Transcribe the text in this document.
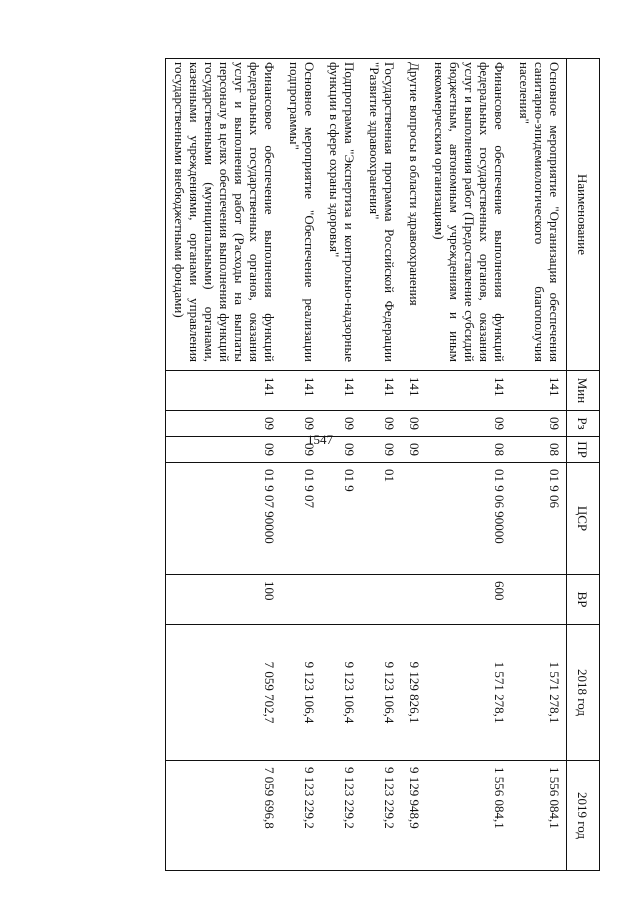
1547
Наименование	Мин	Рз	ПР	ЦСР	ВР	2018 год	2019 год
Основное мероприятие "Организация обеспечения санитарно-эпидемиологического благополучия населения"	141	09	08	01 9 06		1 571 278,1	1 556 084,1
Финансовое обеспечение выполнения функций федеральных государственных органов, оказания услуг и выполнения работ (Предоставление субсидий бюджетным, автономным учреждениям и иным некоммерческим организациям)	141	09	08	01 9 06 90000	600	1 571 278,1	1 556 084,1
Другие вопросы в области здравоохранения	141	09	09			9 129 826,1	9 129 948,9
Государственная программа Российской Федерации "Развитие здравоохранения"	141	09	09	01		9 123 106,4	9 123 229,2
Подпрограмма "Экспертиза и контрольно-надзорные функции в сфере охраны здоровья"	141	09	09	01 9		9 123 106,4	9 123 229,2
Основное мероприятие "Обеспечение реализации подпрограммы"	141	09	09	01 9 07		9 123 106,4	9 123 229,2
Финансовое обеспечение выполнения функций федеральных государственных органов, оказания услуг и выполнения работ (Расходы на выплаты персоналу в целях обеспечения выполнения функций государственными (муниципальными) органами, казенными учреждениями, органами управления государственными внебюджетными фондами)	141	09	09	01 9 07 90000	100	7 059 702,7	7 059 696,8
